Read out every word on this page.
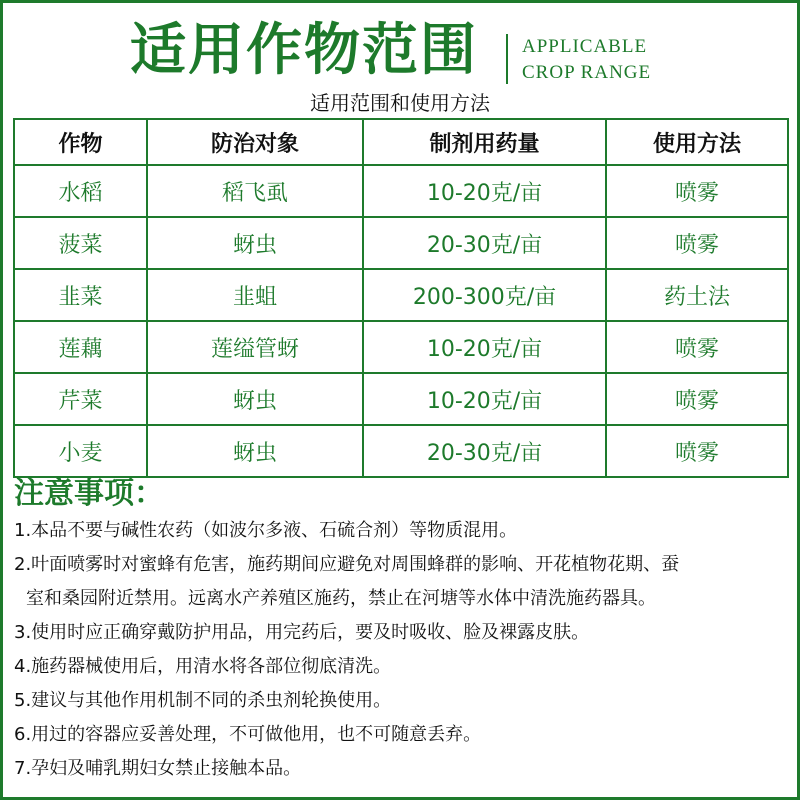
适用作物范围 APPLICABLE
CROP RANGE
适用范围和使用方法
作物	防治对象	制剂用药量	使用方法
水稻	稻飞虱	10-20克/亩	喷雾
菠菜	蚜虫	20-30克/亩	喷雾
韭菜	韭蛆	200-300克/亩	药土法
莲藕	莲缢管蚜	10-20克/亩	喷雾
芹菜	蚜虫	10-20克/亩	喷雾
小麦	蚜虫	20-30克/亩	喷雾
注意事项：
1.本品不要与碱性农药（如波尔多液、石硫合剂）等物质混用。
2.叶面喷雾时对蜜蜂有危害，施药期间应避免对周围蜂群的影响、开花植物花期、蚕
室和桑园附近禁用。远离水产养殖区施药，禁止在河塘等水体中清洗施药器具。
3.使用时应正确穿戴防护用品，用完药后，要及时吸收、脸及裸露皮肤。
4.施药器械使用后，用清水将各部位彻底清洗。
5.建议与其他作用机制不同的杀虫剂轮换使用。
6.用过的容器应妥善处理，不可做他用，也不可随意丢弃。
7.孕妇及哺乳期妇女禁止接触本品。
